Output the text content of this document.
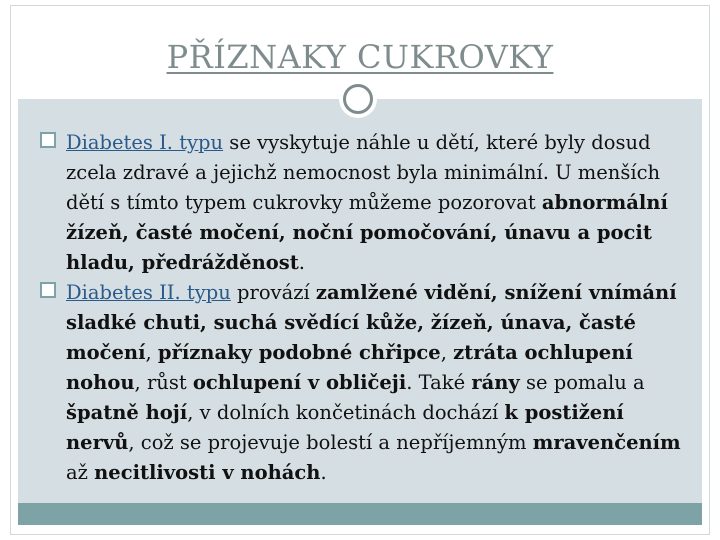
PŘÍZNAKY CUKROVKY
Diabetes I. typu se vyskytuje náhle u dětí, které byly dosud zcela zdravé a jejichž nemocnost byla minimální. U menších dětí s tímto typem cukrovky můžeme pozorovat abnormální žízeň, časté močení, noční pomočování, únavu a pocit hladu, předrážděnost.
Diabetes II. typu provází zamlžené vidění, snížení vnímání sladké chuti, suchá svědící kůže, žízeň, únava, časté močení, příznaky podobné chřipce, ztráta ochlupení nohou, růst ochlupení v obličeji. Také rány se pomalu a špatně hojí, v dolních končetinách dochází k postižení nervů, což se projevuje bolestí a nepříjemným mravenčením až necitlivosti v nohách.
